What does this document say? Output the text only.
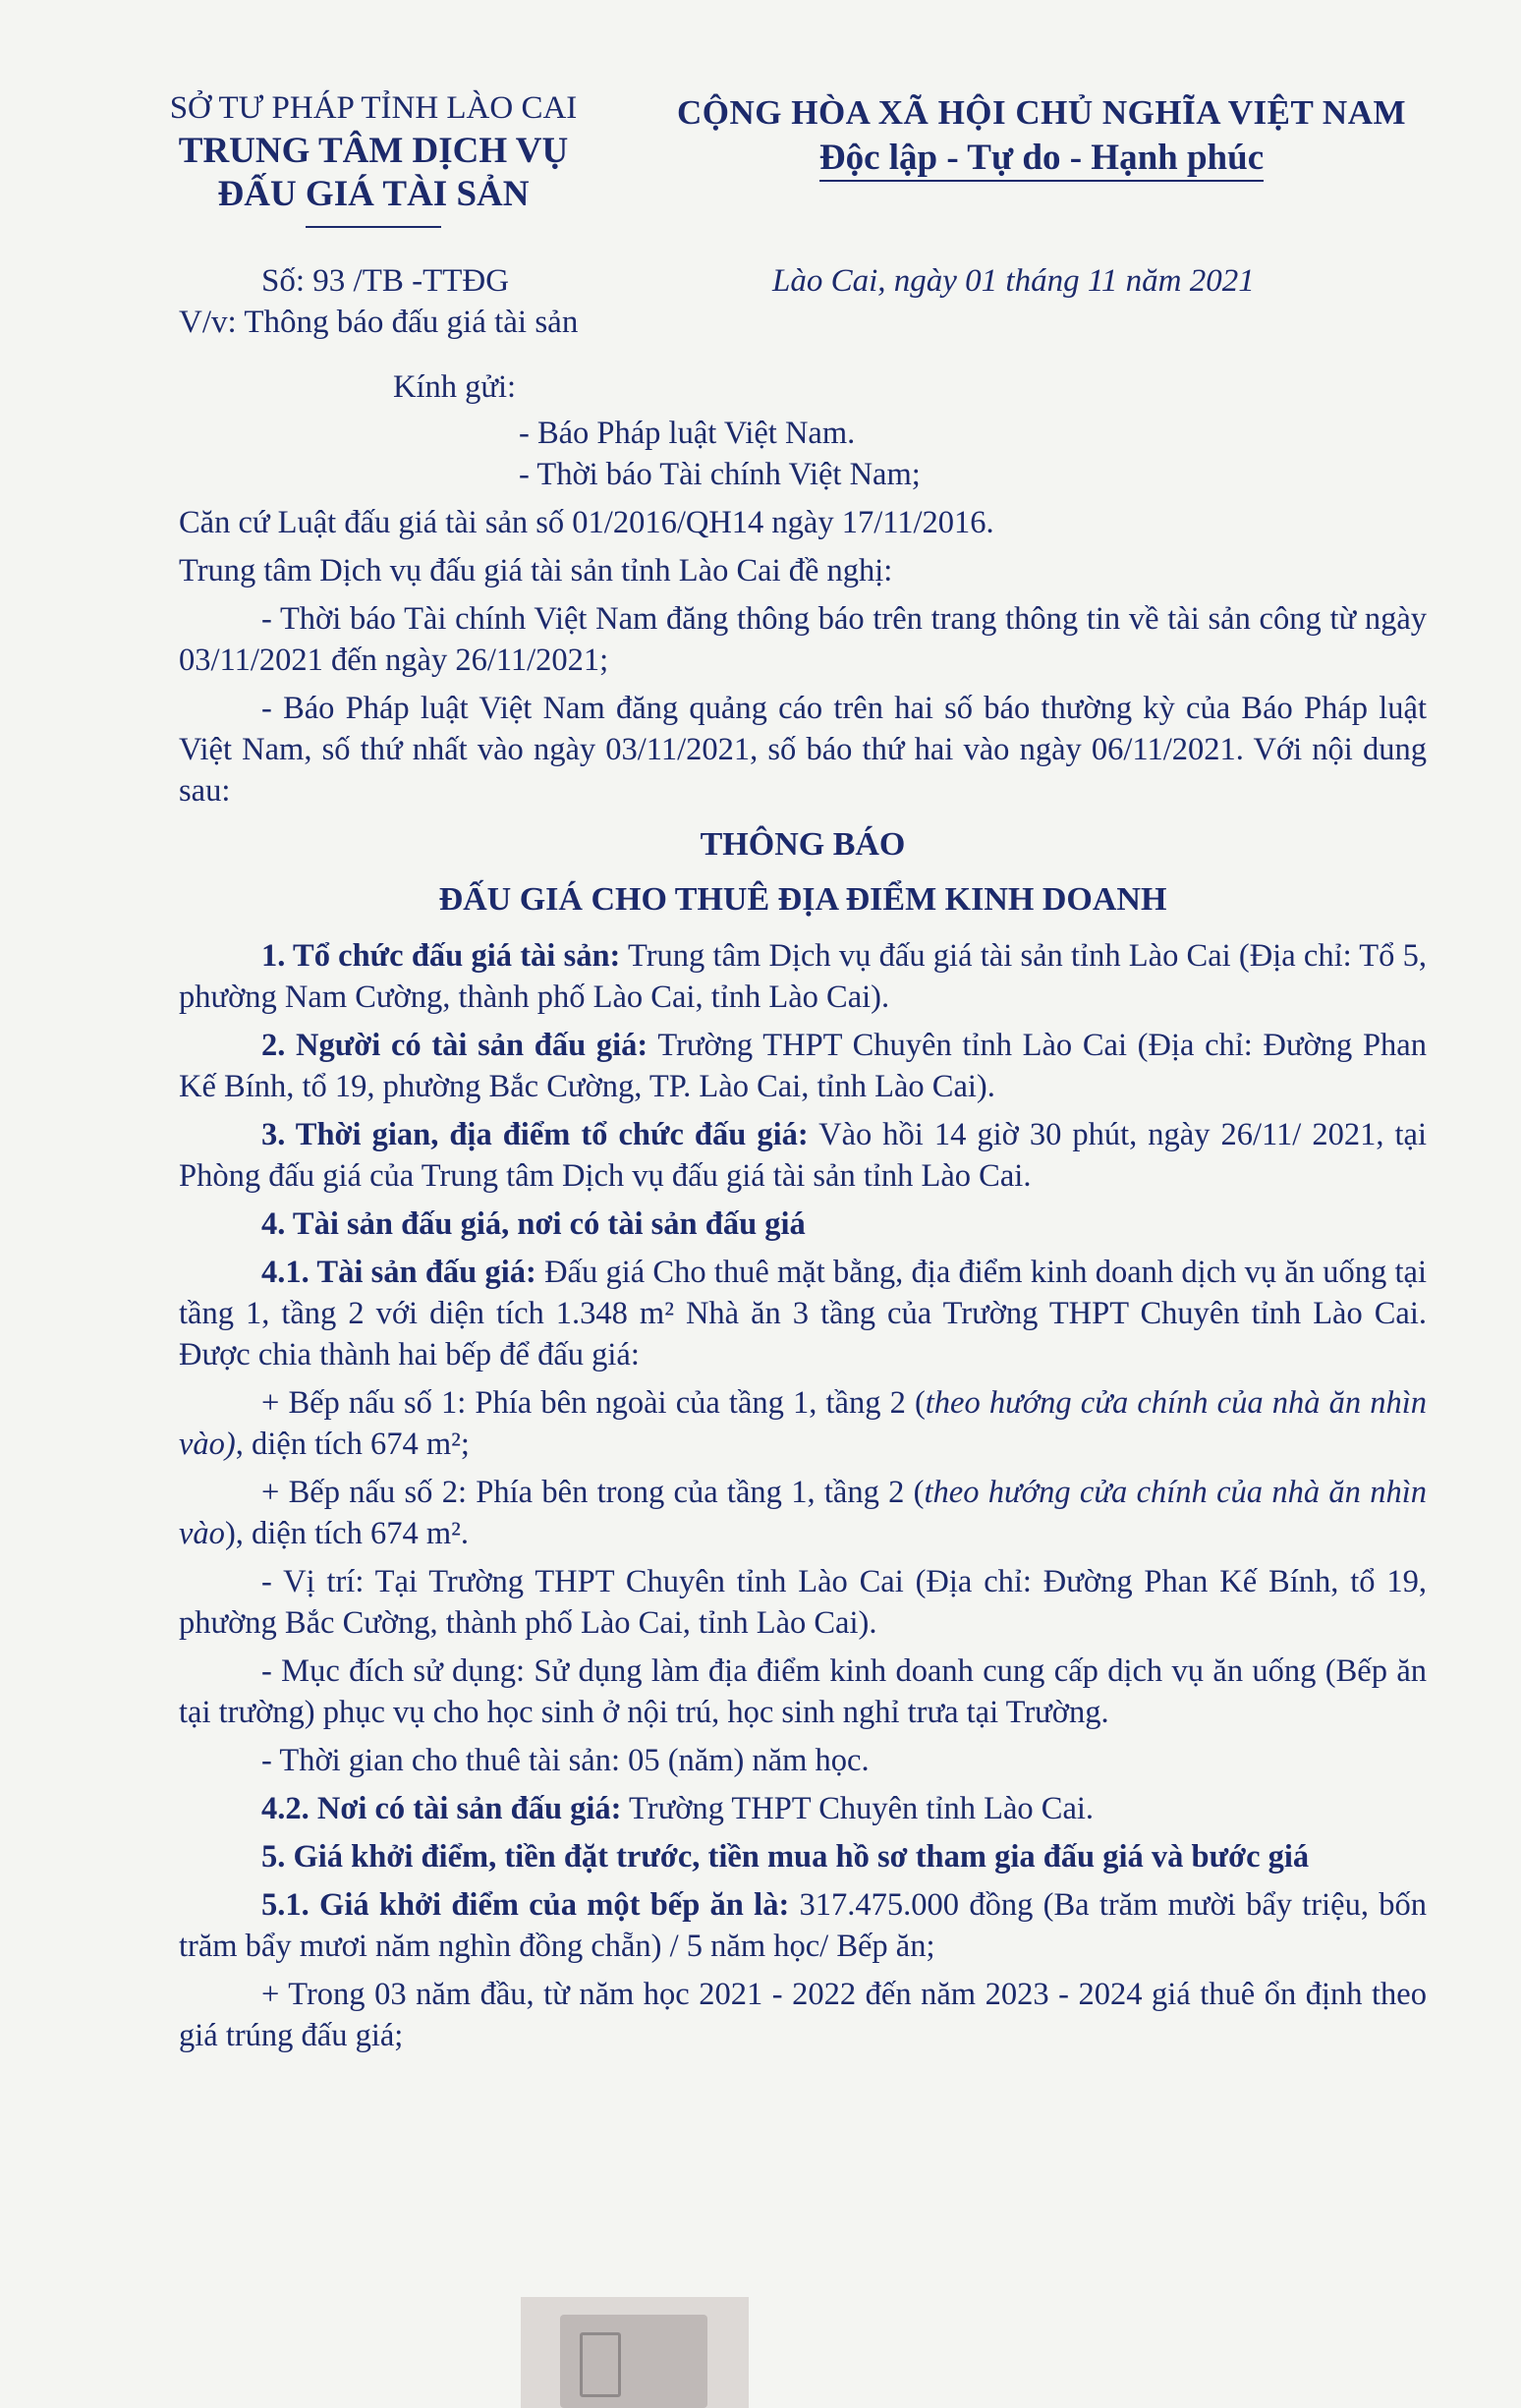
SỞ TƯ PHÁP TỈNH LÀO CAI
TRUNG TÂM DỊCH VỤ
ĐẤU GIÁ TÀI SẢN
CỘNG HÒA XÃ HỘI CHỦ NGHĨA VIỆT NAM
Độc lập - Tự do - Hạnh phúc
Số: 93 /TB -TTĐG
V/v: Thông báo đấu giá tài sản
Lào Cai, ngày 01 tháng 11 năm 2021

Kính gửi:

- Báo Pháp luật Việt Nam.

- Thời báo Tài chính Việt Nam;

Căn cứ Luật đấu giá tài sản số 01/2016/QH14 ngày 17/11/2016.

Trung tâm Dịch vụ đấu giá tài sản tỉnh Lào Cai đề nghị:

- Thời báo Tài chính Việt Nam đăng thông báo trên trang thông tin về tài sản công từ ngày 03/11/2021 đến ngày 26/11/2021;

- Báo Pháp luật Việt Nam đăng quảng cáo trên hai số báo thường kỳ của Báo Pháp luật Việt Nam, số thứ nhất vào ngày 03/11/2021, số báo thứ hai vào ngày 06/11/2021. Với nội dung sau:

THÔNG BÁO

ĐẤU GIÁ CHO THUÊ ĐỊA ĐIỂM KINH DOANH

1. Tổ chức đấu giá tài sản: Trung tâm Dịch vụ đấu giá tài sản tỉnh Lào Cai (Địa chỉ: Tổ 5, phường Nam Cường, thành phố Lào Cai, tỉnh Lào Cai).

2. Người có tài sản đấu giá: Trường THPT Chuyên tỉnh Lào Cai (Địa chỉ: Đường Phan Kế Bính, tổ 19, phường Bắc Cường, TP. Lào Cai, tỉnh Lào Cai).

3. Thời gian, địa điểm tổ chức đấu giá: Vào hồi 14 giờ 30 phút, ngày 26/11/ 2021, tại Phòng đấu giá của Trung tâm Dịch vụ đấu giá tài sản tỉnh Lào Cai.

4. Tài sản đấu giá, nơi có tài sản đấu giá

4.1. Tài sản đấu giá: Đấu giá Cho thuê mặt bằng, địa điểm kinh doanh dịch vụ ăn uống tại tầng 1, tầng 2 với diện tích 1.348 m² Nhà ăn 3 tầng của Trường THPT Chuyên tỉnh Lào Cai. Được chia thành hai bếp để đấu giá:

+ Bếp nấu số 1: Phía bên ngoài của tầng 1, tầng 2 (theo hướng cửa chính của nhà ăn nhìn vào), diện tích 674 m²;

+ Bếp nấu số 2: Phía bên trong của tầng 1, tầng 2 (theo hướng cửa chính của nhà ăn nhìn vào), diện tích 674 m².

- Vị trí: Tại Trường THPT Chuyên tỉnh Lào Cai (Địa chỉ: Đường Phan Kế Bính, tổ 19, phường Bắc Cường, thành phố Lào Cai, tỉnh Lào Cai).

- Mục đích sử dụng: Sử dụng làm địa điểm kinh doanh cung cấp dịch vụ ăn uống (Bếp ăn tại trường) phục vụ cho học sinh ở nội trú, học sinh nghỉ trưa tại Trường.

- Thời gian cho thuê tài sản: 05 (năm) năm học.

4.2. Nơi có tài sản đấu giá: Trường THPT Chuyên tỉnh Lào Cai.

5. Giá khởi điểm, tiền đặt trước, tiền mua hồ sơ tham gia đấu giá và bước giá

5.1. Giá khởi điểm của một bếp ăn là: 317.475.000 đồng (Ba trăm mười bẩy triệu, bốn trăm bẩy mươi năm nghìn đồng chẵn) / 5 năm học/ Bếp ăn;

+ Trong 03 năm đầu, từ năm học 2021 - 2022 đến năm 2023 - 2024 giá thuê ổn định theo giá trúng đấu giá;
